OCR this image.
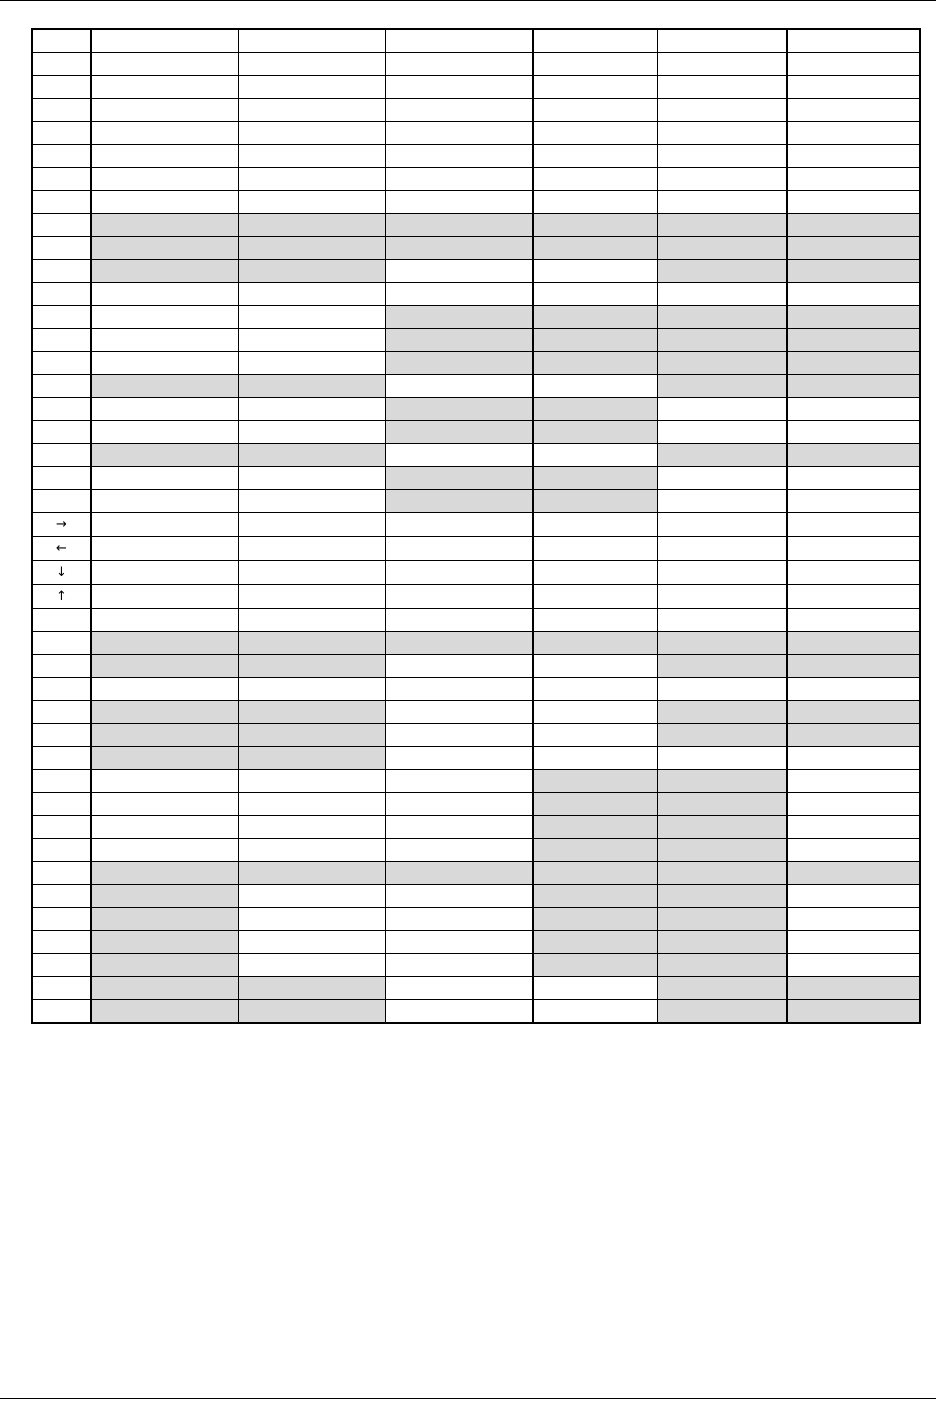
→						
←						
↓						
↑						
